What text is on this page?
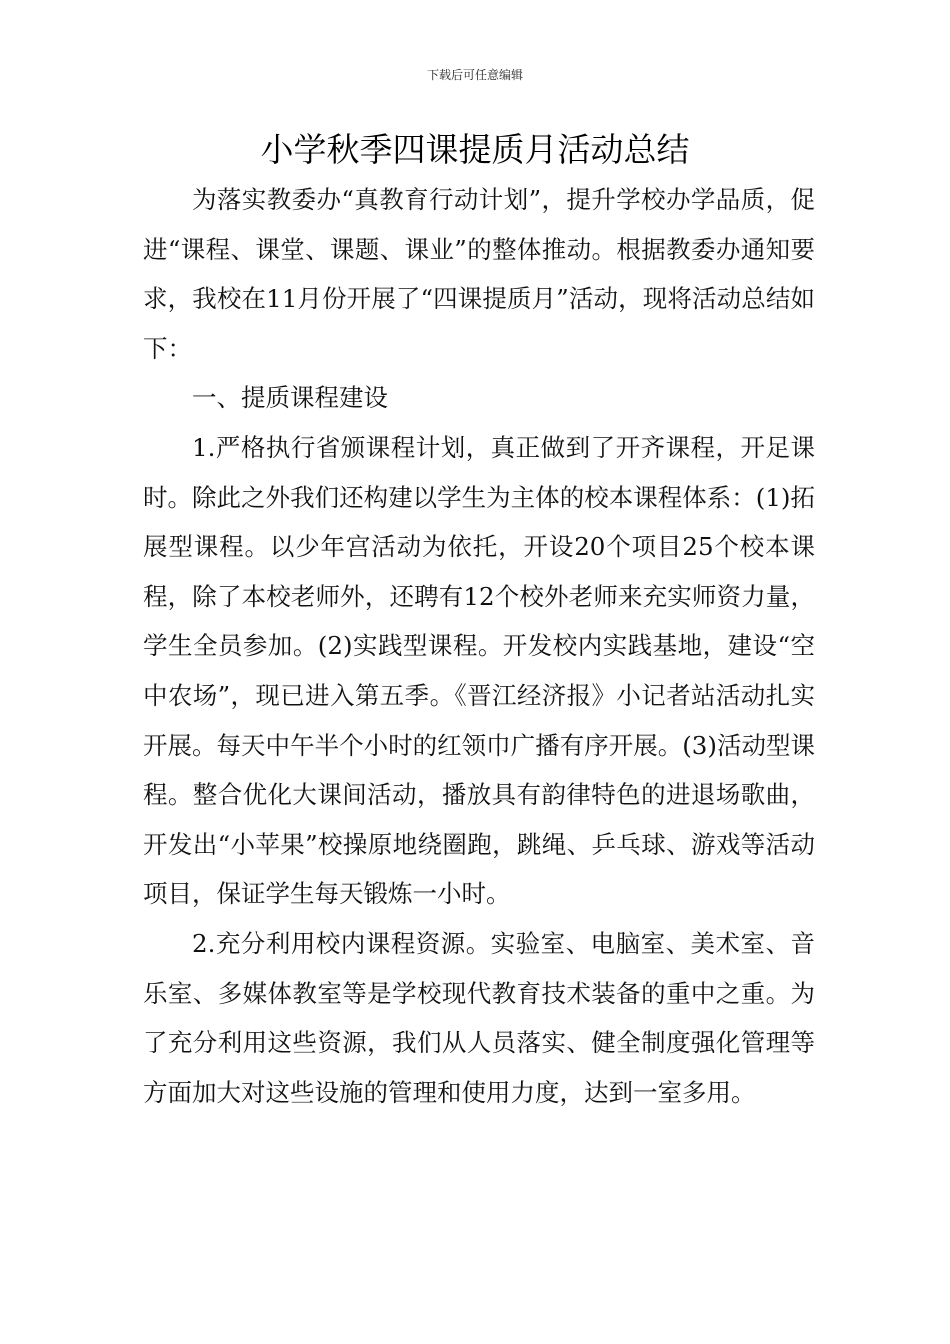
下载后可任意编辑
小学秋季四课提质月活动总结

为落实教委办“真教育行动计划”，提升学校办学品质，促进“课程、课堂、课题、课业”的整体推动。根据教委办通知要求，我校在11月份开展了“四课提质月”活动，现将活动总结如下：

一、提质课程建设

1.严格执行省颁课程计划，真正做到了开齐课程，开足课时。除此之外我们还构建以学生为主体的校本课程体系：(1)拓展型课程。以少年宫活动为依托，开设20个项目25个校本课程，除了本校老师外，还聘有12个校外老师来充实师资力量，学生全员参加。(2)实践型课程。开发校内实践基地，建设“空中农场”，现已进入第五季。《晋江经济报》小记者站活动扎实开展。每天中午半个小时的红领巾广播有序开展。(3)活动型课程。整合优化大课间活动，播放具有韵律特色的进退场歌曲，开发出“小苹果”校操原地绕圈跑，跳绳、乒乓球、游戏等活动项目，保证学生每天锻炼一小时。

2.充分利用校内课程资源。实验室、电脑室、美术室、音乐室、多媒体教室等是学校现代教育技术装备的重中之重。为了充分利用这些资源，我们从人员落实、健全制度强化管理等方面加大对这些设施的管理和使用力度，达到一室多用。
